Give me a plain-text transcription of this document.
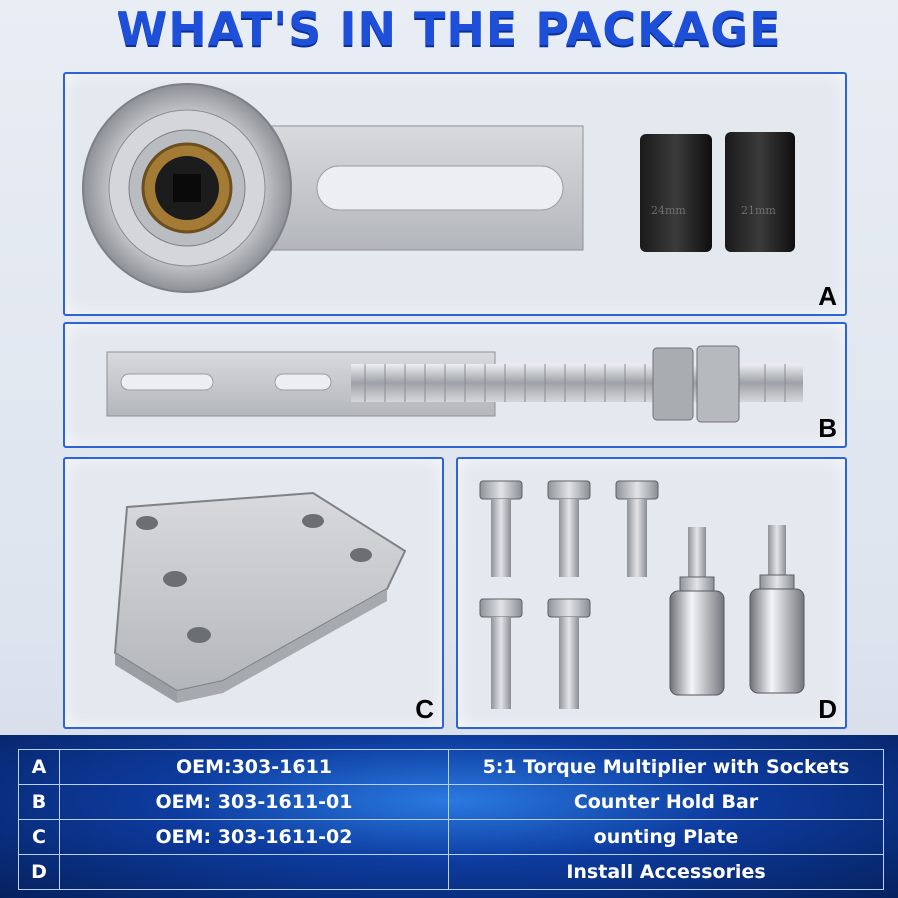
WHAT'S IN THE PACKAGE
24mm	21mm
A
B
C	D
A	OEM:303-1611	5:1 Torque Multiplier with Sockets
B	OEM: 303-1611-01	Counter Hold Bar
C	OEM: 303-1611-02	ounting Plate
D		Install Accessories
